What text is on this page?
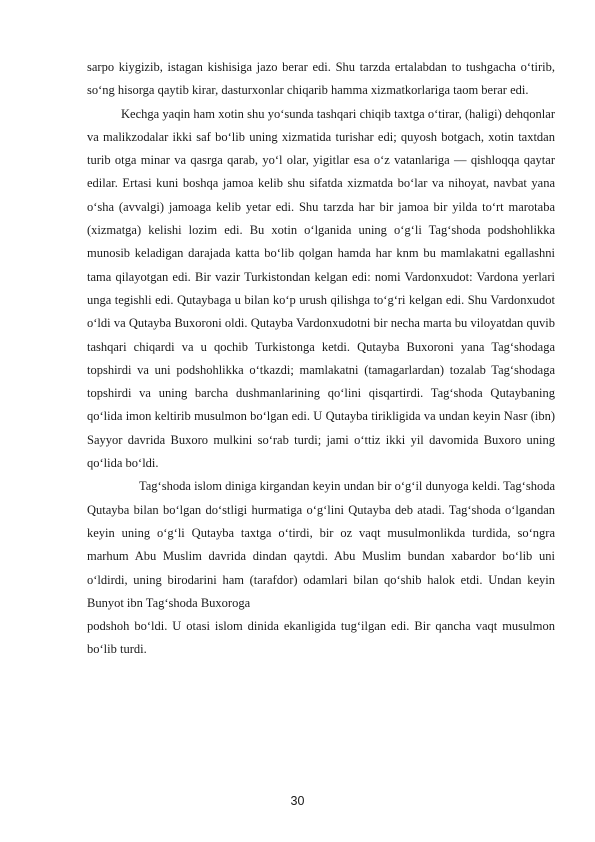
sarpo kiygizib, istagan kishisiga jazo berar edi. Shu tarzda ertalabdan to tushgacha o‘tirib, so‘ng hisorga qaytib kirar, dasturxonlar chiqarib hamma xizmatkorlariga taom berar edi.

Kechga yaqin ham xotin shu yo‘sunda tashqari chiqib taxtga o‘tirar, (haligi) dehqonlar va malikzodalar ikki saf bo‘lib uning xizmatida turishar edi; quyosh botgach, xotin taxtdan turib otga minar va qasrga qarab, yo‘l olar, yigitlar esa o‘z vatanlariga — qishloqqa qaytar edilar. Ertasi kuni boshqa jamoa kelib shu sifatda xizmatda bo‘lar va nihoyat, navbat yana o‘sha (avvalgi) jamoaga kelib yetar edi. Shu tarzda har bir jamoa bir yilda to‘rt marotaba (xizmatga) kelishi lozim edi. Bu xotin o‘lganida uning o‘g‘li Tag‘shoda podshohlikka munosib keladigan darajada katta bo‘lib qolgan hamda har knm bu mamlakatni egallashni tama qilayotgan edi. Bir vazir Turkistondan kelgan edi: nomi Vardonxudot: Vardona yerlari unga tegishli edi. Qutaybaga u bilan ko‘p urush qilishga to‘g‘ri kelgan edi. Shu Vardonxudot o‘ldi va Qutayba Buxoroni oldi. Qutayba Vardonxudotni bir necha marta bu viloyatdan quvib tashqari chiqardi va u qochib Turkistonga ketdi. Qutayba Buxoroni yana Tag‘shodaga topshirdi va uni podshohlikka o‘tkazdi; mamlakatni (tamagarlardan) tozalab Tag‘shodaga topshirdi va uning barcha dushmanlarining qo‘lini qisqartirdi. Tag‘shoda Qutaybaning qo‘lida imon keltirib musulmon bo‘lgan edi. U Qutayba tirikligida va undan keyin Nasr (ibn) Sayyor davrida Buxoro mulkini so‘rab turdi; jami o‘ttiz ikki yil davomida Buxoro uning qo‘lida bo‘ldi.

Tag‘shoda islom diniga kirgandan keyin undan bir o‘g‘il dunyoga keldi. Tag‘shoda Qutayba bilan bo‘lgan do‘stligi hurmatiga o‘g‘lini Qutayba deb atadi. Tag‘shoda o‘lgandan keyin uning o‘g‘li Qutayba taxtga o‘tirdi, bir oz vaqt musulmonlikda turdida, so‘ngra marhum Abu Muslim davrida dindan qaytdi. Abu Muslim bundan xabardor bo‘lib uni o‘ldirdi, uning birodarini ham (tarafdor) odamlari bilan qo‘shib halok etdi. Undan keyin Bunyot ibn Tag‘shoda Buxoroga

podshoh bo‘ldi. U otasi islom dinida ekanligida tug‘ilgan edi. Bir qancha vaqt musulmon bo‘lib turdi.

30
